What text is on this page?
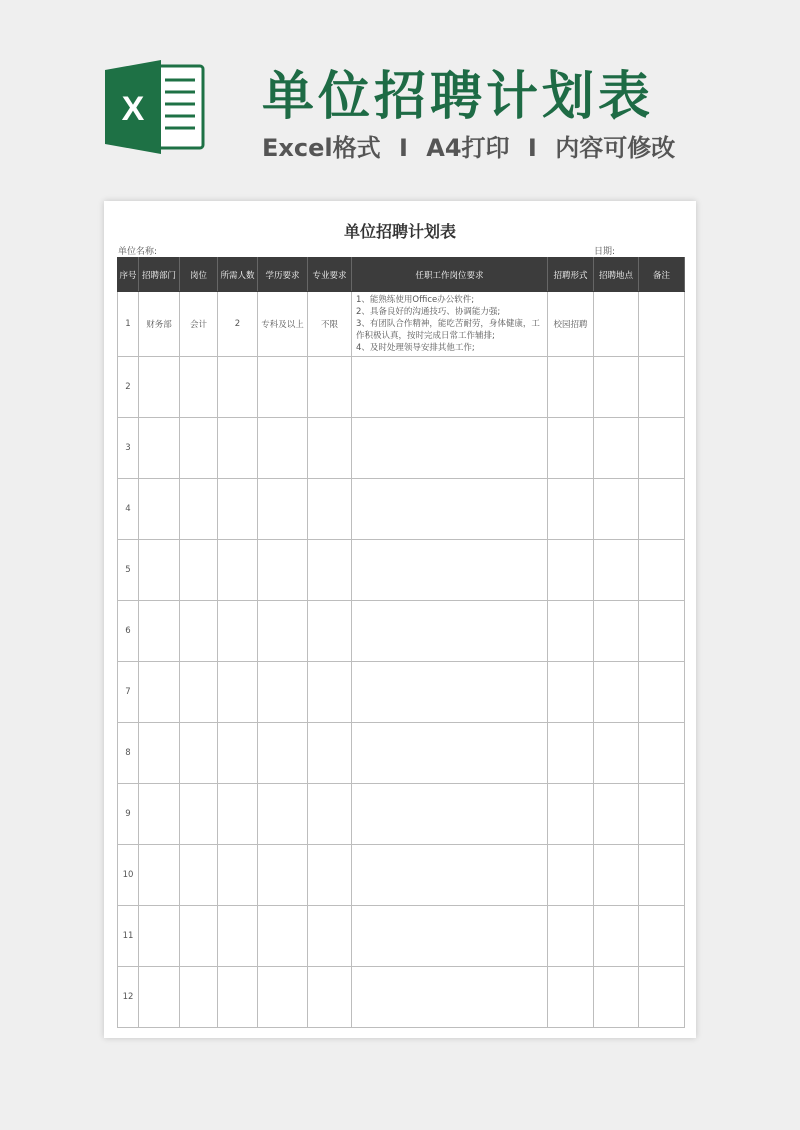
X 单位招聘计划表
Excel格式 I A4打印 I 内容可修改
单位招聘计划表
单位名称:	日期:
序号	招聘部门	岗位	所需人数	学历要求	专业要求	任职工作岗位要求	招聘形式	招聘地点	备注
1	财务部	会计	2	专科及以上	不限	1、能熟练使用Office办公软件;
2、具备良好的沟通技巧、协调能力强;
3、有团队合作精神，能吃苦耐劳，身体健康，工作积极认真，按时完成日常工作辅排;
4、及时处理领导安排其他工作;	校园招聘		
2									
3									
4									
5									
6									
7									
8									
9									
10									
11									
12									
